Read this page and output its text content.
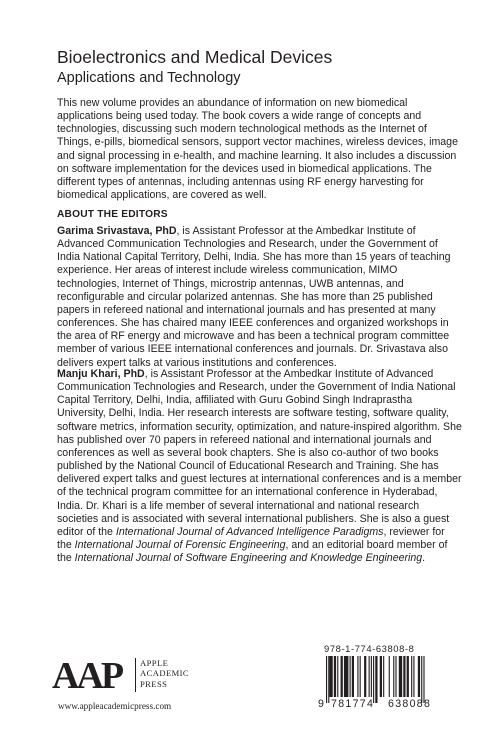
Bioelectronics and Medical Devices
Applications and Technology

This new volume provides an abundance of information on new biomedical applications being used today. The book covers a wide range of concepts and technologies, discussing such modern technological methods as the Internet of Things, e-pills, biomedical sensors, support vector machines, wireless devices, image and signal processing in e-health, and machine learning. It also includes a discussion on software implementation for the devices used in biomedical applications. The different types of antennas, including antennas using RF energy harvesting for biomedical applications, are covered as well.

ABOUT THE EDITORS

Garima Srivastava, PhD, is Assistant Professor at the Ambedkar Institute of Advanced Communication Technologies and Research, under the Government of India National Capital Territory, Delhi, India. She has more than 15 years of teaching experience. Her areas of interest include wireless communication, MIMO technologies, Internet of Things, microstrip antennas, UWB antennas, and reconfigurable and circular polarized antennas. She has more than 25 published papers in refereed national and international journals and has presented at many conferences. She has chaired many IEEE conferences and organized workshops in the area of RF energy and microwave and has been a technical program committee member of various IEEE international conferences and journals. Dr. Srivastava also delivers expert talks at various institutions and conferences.

Manju Khari, PhD, is Assistant Professor at the Ambedkar Institute of Advanced Communication Technologies and Research, under the Government of India National Capital Territory, Delhi, India, affiliated with Guru Gobind Singh Indraprastha University, Delhi, India. Her research interests are software testing, software quality, software metrics, information security, optimization, and nature-inspired algorithm. She has published over 70 papers in refereed national and international journals and conferences as well as several book chapters. She is also co-author of two books published by the National Council of Educational Research and Training. She has delivered expert talks and guest lectures at international conferences and is a member of the technical program committee for an international conference in Hyderabad, India. Dr. Khari is a life member of several international and national research societies and is associated with several international publishers. She is also a guest editor of the International Journal of Advanced Intelligence Paradigms, reviewer for the International Journal of Forensic Engineering, and an editorial board member of the International Journal of Software Engineering and Knowledge Engineering.

AAP	APPLE
ACADEMIC
PRESS
www.appleacademicpress.com
978-1-774-63808-8
9 781774 638088
